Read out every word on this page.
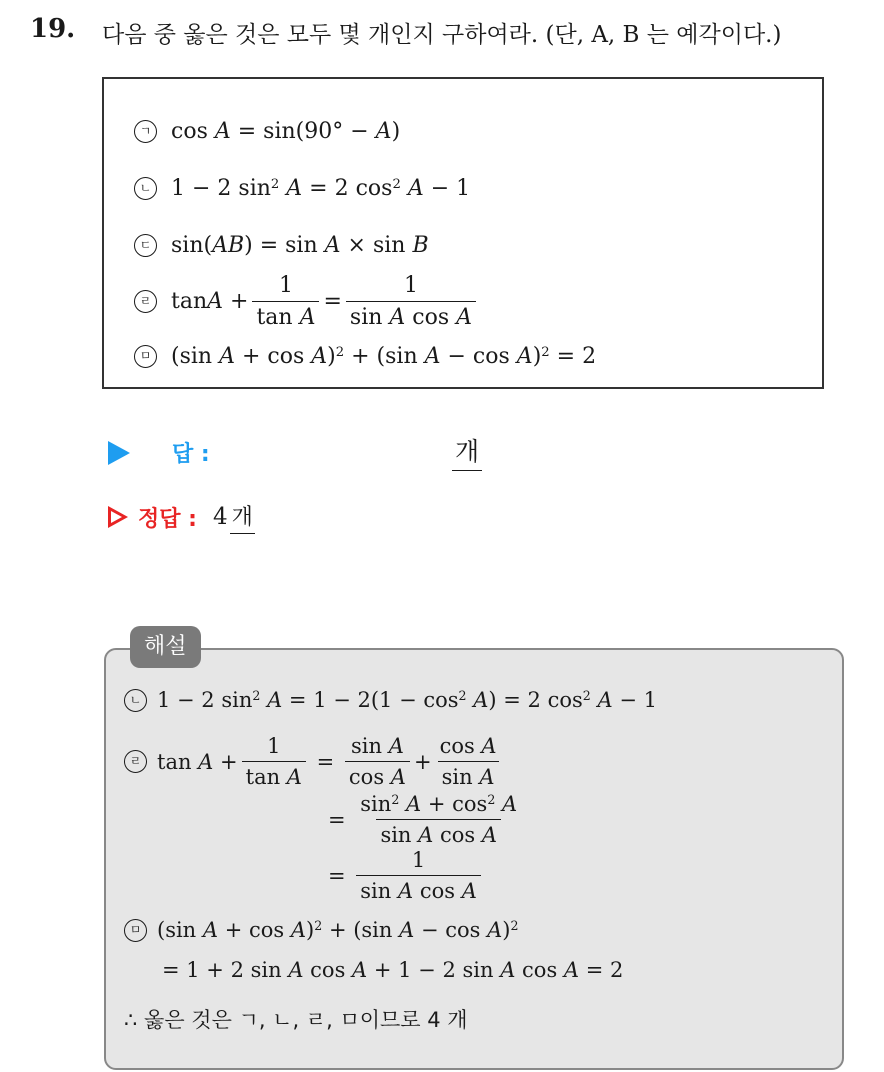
19. 다음 중 옳은 것은 모두 몇 개인지 구하여라. (단, A, B 는 예각이다.)
ㄱ cos A = sin(90° − A)
ㄴ 1 − 2 $\sin^2 A = 2$ $\cos^2 A - 1$
ㄷ sin(AB) = sin A × sin B
ㄹ $\tan A + \frac{1}{\text{tan A}} = \frac{1}{\text{sin A cos A}}$
ㅁ (sin A + cos A)$^2$ + (sin A − cos A)$^2$ = 2
답 :	개
정답 : 4 개
ㄴ 1 − 2 $\sin^2 A = 1 - 2(1 - \cos^2 A) = 2$ $\cos^2 A - 1$
ㄹ $\tan A + \frac{1}{\text{tan A}} = \frac{\text{sin A}}{\text{cos A}} + \frac{\text{cos A}}{\text{sin A}}$
= $\frac{\sin^2 A + \cos^2 A}{\text{sin A cos A}}$
= $\frac{1}{\text{sin A cos A}}$
ㅁ (sin A + cos A)$^2$ + (sin A − cos A)$^2$
= 1 + 2 sin A cos A + 1 − 2 sin A cos A = 2
∴ 옳은 것은 ㄱ, ㄴ, ㄹ, ㅁ이므로 4 개
해설
